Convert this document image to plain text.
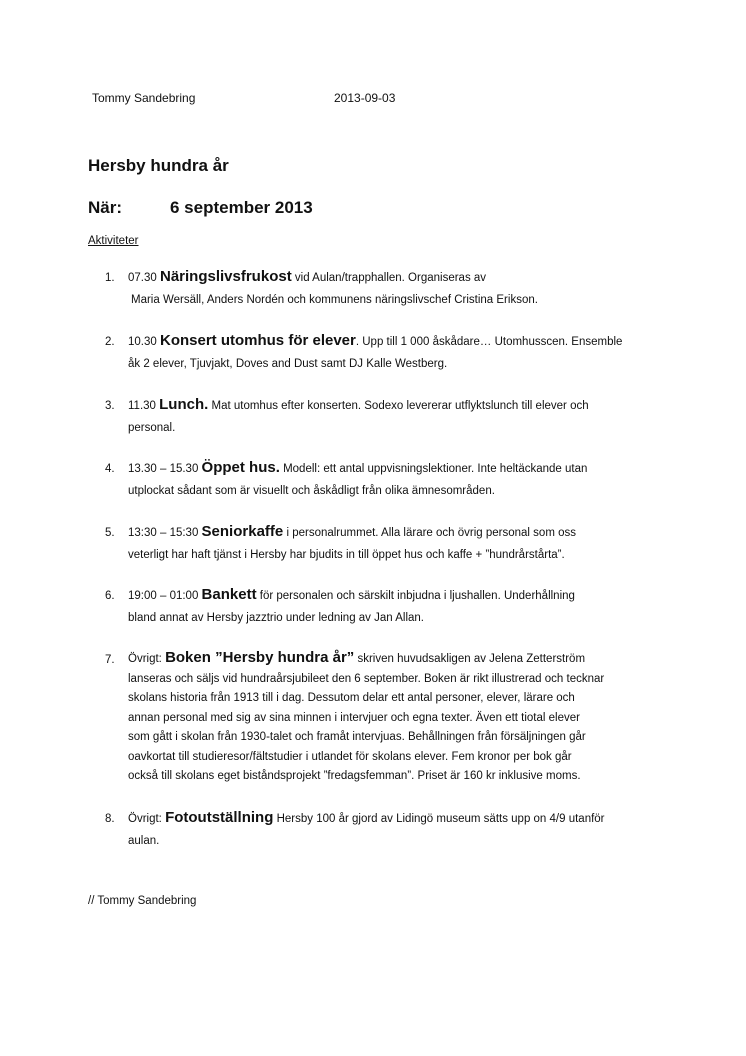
Tommy Sandebring	2013-09-03
Hersby hundra år
När:	6 september 2013
Aktiviteter
1. 07.30 Näringslivsfrukost vid Aulan/trapphallen. Organiseras av
Maria Wersäll, Anders Nordén och kommunens näringslivschef Cristina Erikson.
2. 10.30 Konsert utomhus för elever. Upp till 1 000 åskådare… Utomhusscen. Ensemble
åk 2 elever, Tjuvjakt, Doves and Dust samt DJ Kalle Westberg.
3. 11.30 Lunch. Mat utomhus efter konserten. Sodexo levererar utflyktslunch till elever och
personal.
4. 13.30 – 15.30 Öppet hus. Modell: ett antal uppvisningslektioner. Inte heltäckande utan
utplockat sådant som är visuellt och åskådligt från olika ämnesområden.
5. 13:30 – 15:30 Seniorkaffe i personalrummet. Alla lärare och övrig personal som oss
veterligt har haft tjänst i Hersby har bjudits in till öppet hus och kaffe + ”hundrårstårta”.
6. 19:00 – 01:00 Bankett för personalen och särskilt inbjudna i ljushallen. Underhållning
bland annat av Hersby jazztrio under ledning av Jan Allan.
7. Övrigt: Boken ”Hersby hundra år” skriven huvudsakligen av Jelena Zetterström
lanseras och säljs vid hundraårsjubileet den 6 september. Boken är rikt illustrerad och tecknar
skolans historia från 1913 till i dag. Dessutom delar ett antal personer, elever, lärare och
annan personal med sig av sina minnen i intervjuer och egna texter. Även ett tiotal elever
som gått i skolan från 1930-talet och framåt intervjuas. Behållningen från försäljningen går
oavkortat till studieresor/fältstudier i utlandet för skolans elever. Fem kronor per bok går
också till skolans eget biståndsprojekt ”fredagsfemman”. Priset är 160 kr inklusive moms.
8. Övrigt: Fotoutställning Hersby 100 år gjord av Lidingö museum sätts upp on 4/9 utanför
aulan.
// Tommy Sandebring
